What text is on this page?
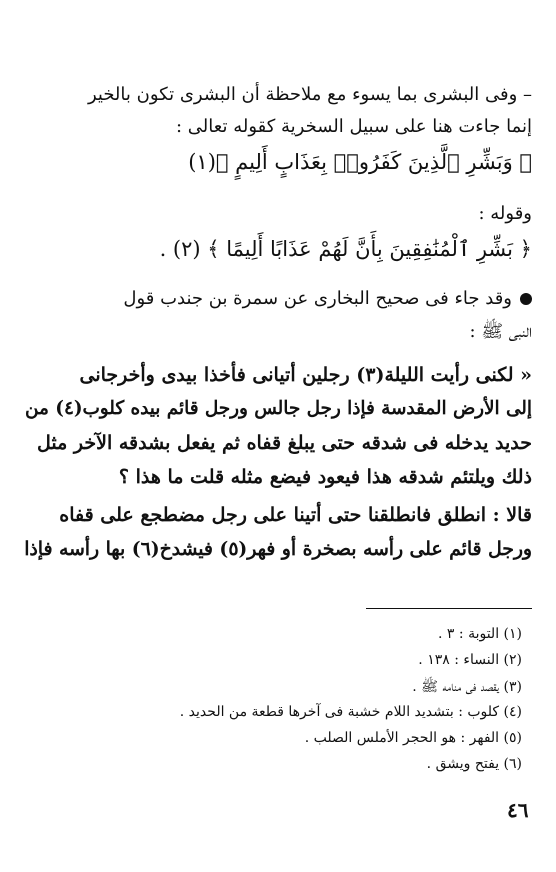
– وفى البشرى بما يسوء مع ملاحظة أن البشرى تكون بالخير
إنما جاءت هنا على سبيل السخرية كقوله تعالى :
﴿ وَبَشِّرِ ٱلَّذِينَ كَفَرُوا۟ بِعَذَابٍ أَلِيمٍ ﴾(١)
وقوله :
﴿ بَشِّرِ ٱلْمُنَٰفِقِينَ بِأَنَّ لَهُمْ عَذَابًا أَلِيمًا ﴾ (٢) .
وقد جاء فى صحيح البخارى عن سمرة بن جندب قول
النبى ﷺ :
« لكنى رأيت الليلة(٣) رجلين أتيانى فأخذا بيدى وأخرجانى
إلى الأرض المقدسة فإذا رجل جالس ورجل قائم بيده كلوب(٤) من
حديد يدخله فى شدقه حتى يبلغ قفاه ثم يفعل بشدقه الآخر مثل
ذلك ويلتئم شدقه هذا فيعود فيضع مثله قلت ما هذا ؟
قالا : انطلق فانطلقنا حتى أتينا على رجل مضطجع على قفاه
ورجل قائم على رأسه بصخرة أو فهر(٥) فيشدخ(٦) بها رأسه فإذا
(١) التوبة : ٣ .
(٢) النساء : ١٣٨ .
(٣) يقصد فى منامه ﷺ .
(٤) كلوب : بتشديد اللام خشبة فى آخرها قطعة من الحديد .
(٥) الفهر : هو الحجر الأملس الصلب .
(٦) يفتح ويشق .
٤٦
